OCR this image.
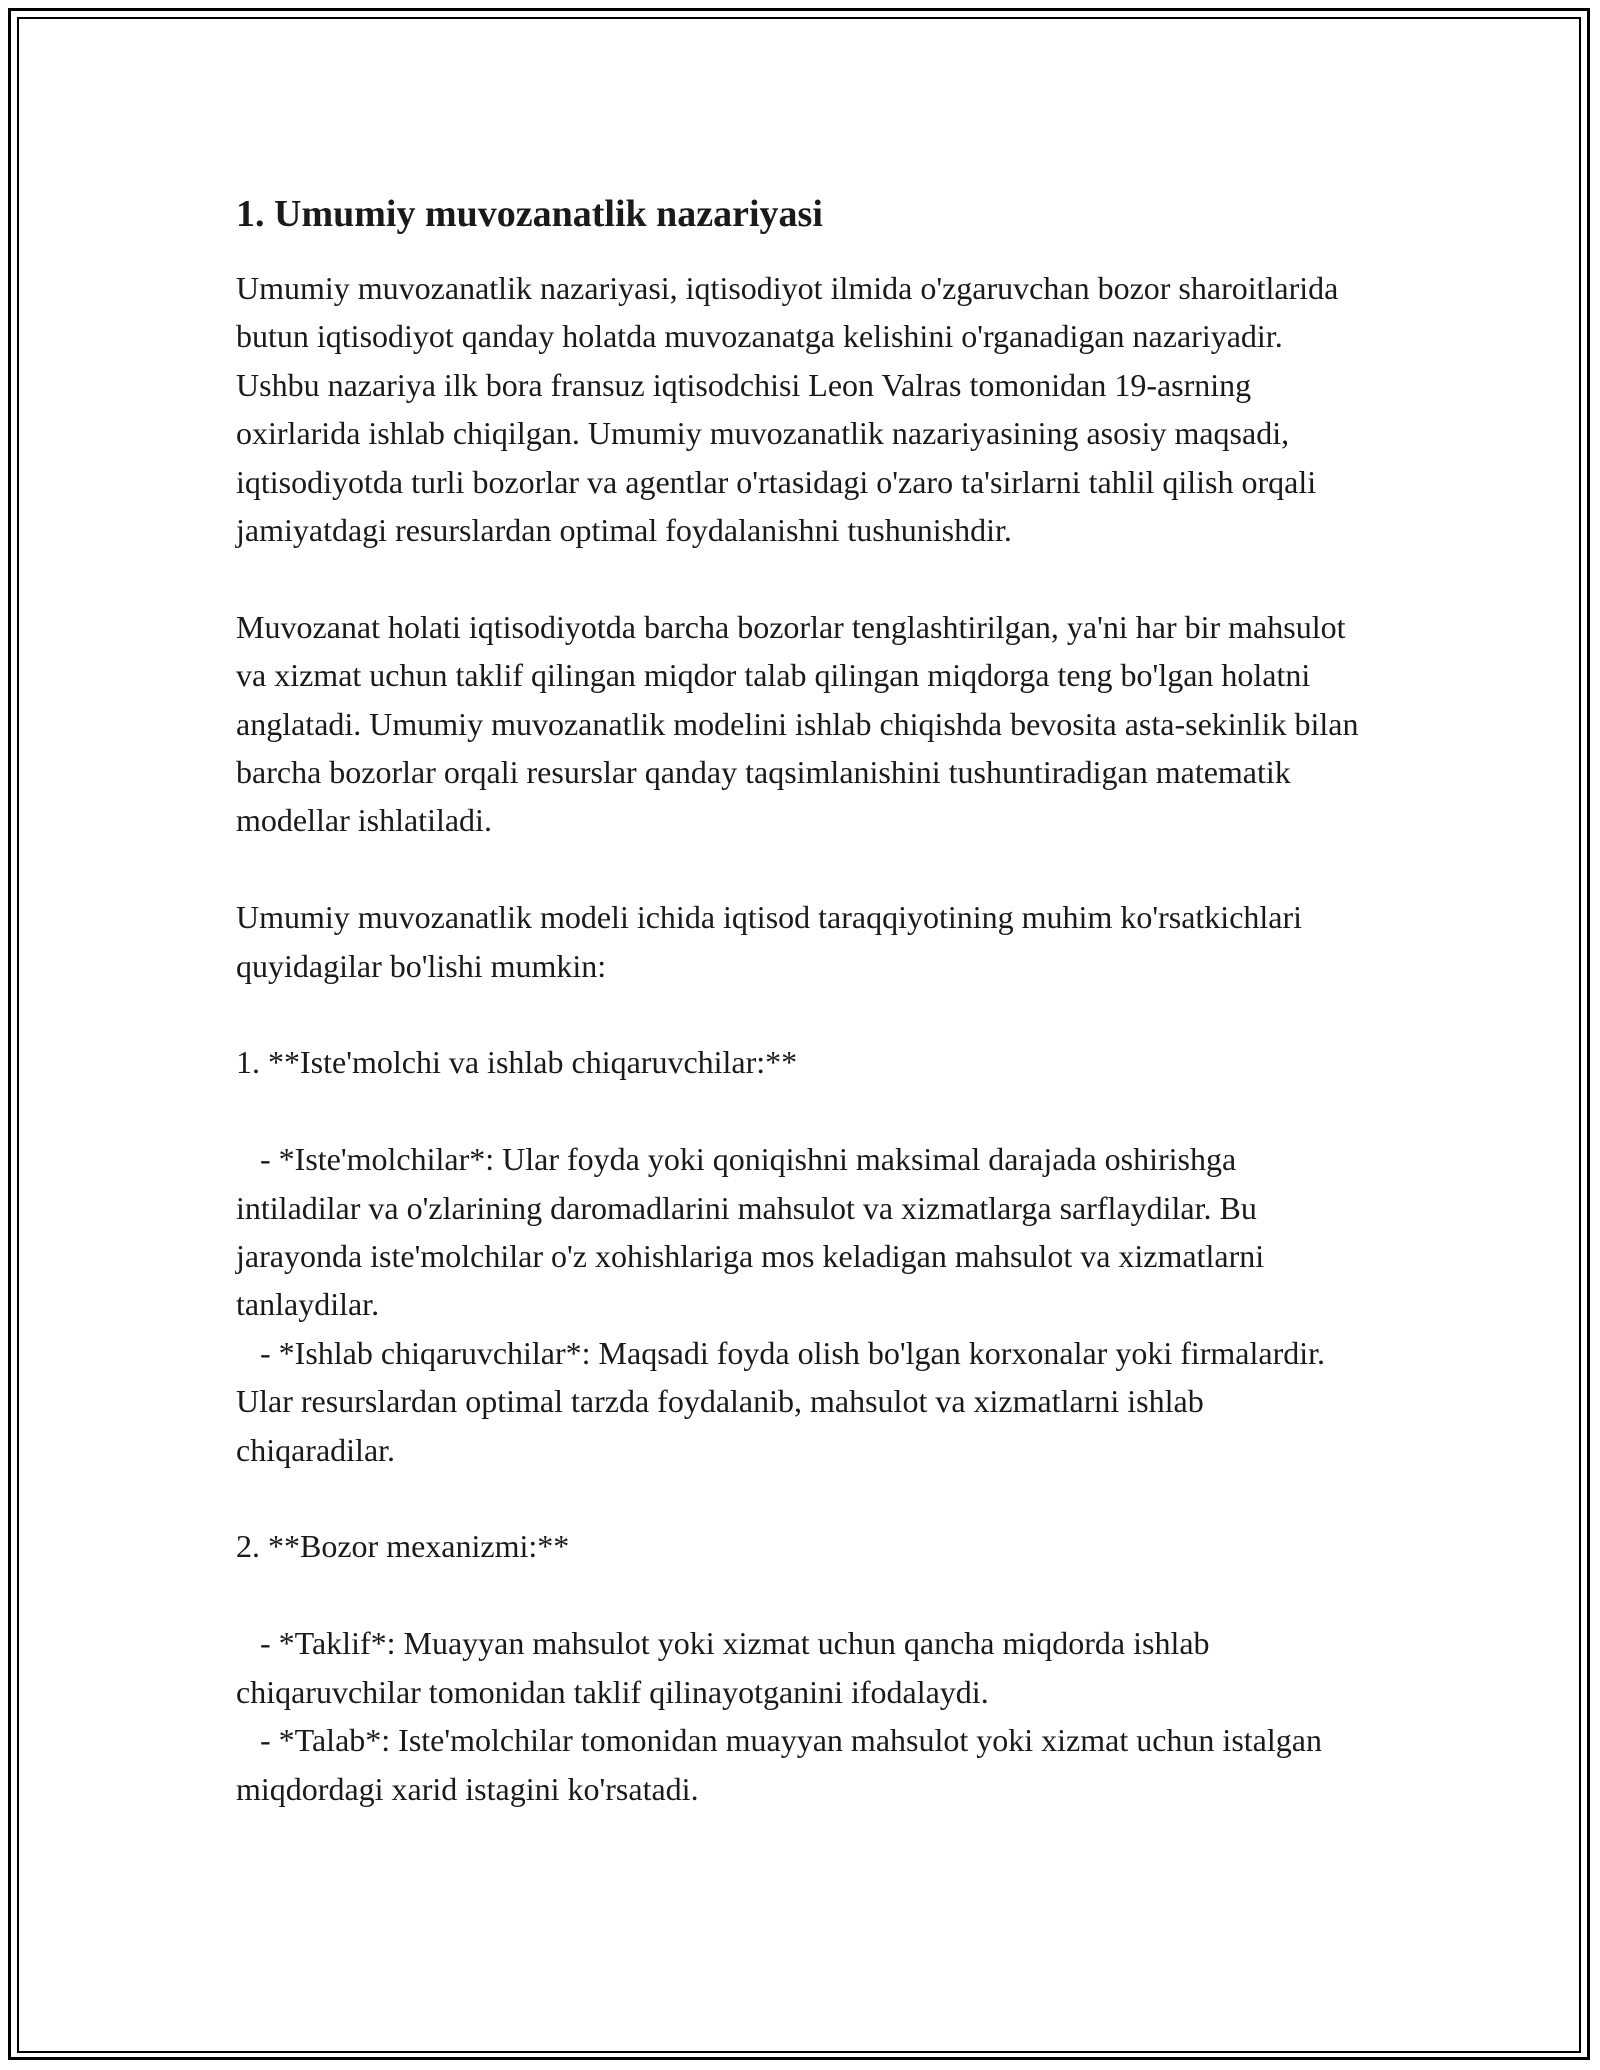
1. Umumiy muvozanatlik nazariyasi

Umumiy muvozanatlik nazariyasi, iqtisodiyot ilmida o'zgaruvchan bozor sharoitlarida butun iqtisodiyot qanday holatda muvozanatga kelishini o'rganadigan nazariyadir. Ushbu nazariya ilk bora fransuz iqtisodchisi Leon Valras tomonidan 19-asrning oxirlarida ishlab chiqilgan. Umumiy muvozanatlik nazariyasining asosiy maqsadi, iqtisodiyotda turli bozorlar va agentlar o'rtasidagi o'zaro ta'sirlarni tahlil qilish orqali jamiyatdagi resurslardan optimal foydalanishni tushunishdir.

Muvozanat holati iqtisodiyotda barcha bozorlar tenglashtirilgan, ya'ni har bir mahsulot va xizmat uchun taklif qilingan miqdor talab qilingan miqdorga teng bo'lgan holatni anglatadi. Umumiy muvozanatlik modelini ishlab chiqishda bevosita asta-sekinlik bilan barcha bozorlar orqali resurslar qanday taqsimlanishini tushuntiradigan matematik modellar ishlatiladi.

Umumiy muvozanatlik modeli ichida iqtisod taraqqiyotining muhim ko'rsatkichlari quyidagilar bo'lishi mumkin:

1. **Iste'molchi va ishlab chiqaruvchilar:**

- *Iste'molchilar*: Ular foyda yoki qoniqishni maksimal darajada oshirishga intiladilar va o'zlarining daromadlarini mahsulot va xizmatlarga sarflaydilar. Bu jarayonda iste'molchilar o'z xohishlariga mos keladigan mahsulot va xizmatlarni tanlaydilar.

- *Ishlab chiqaruvchilar*: Maqsadi foyda olish bo'lgan korxonalar yoki firmalardir. Ular resurslardan optimal tarzda foydalanib, mahsulot va xizmatlarni ishlab chiqaradilar.

2. **Bozor mexanizmi:**

- *Taklif*: Muayyan mahsulot yoki xizmat uchun qancha miqdorda ishlab chiqaruvchilar tomonidan taklif qilinayotganini ifodalaydi.

- *Talab*: Iste'molchilar tomonidan muayyan mahsulot yoki xizmat uchun istalgan miqdordagi xarid istagini ko'rsatadi.
